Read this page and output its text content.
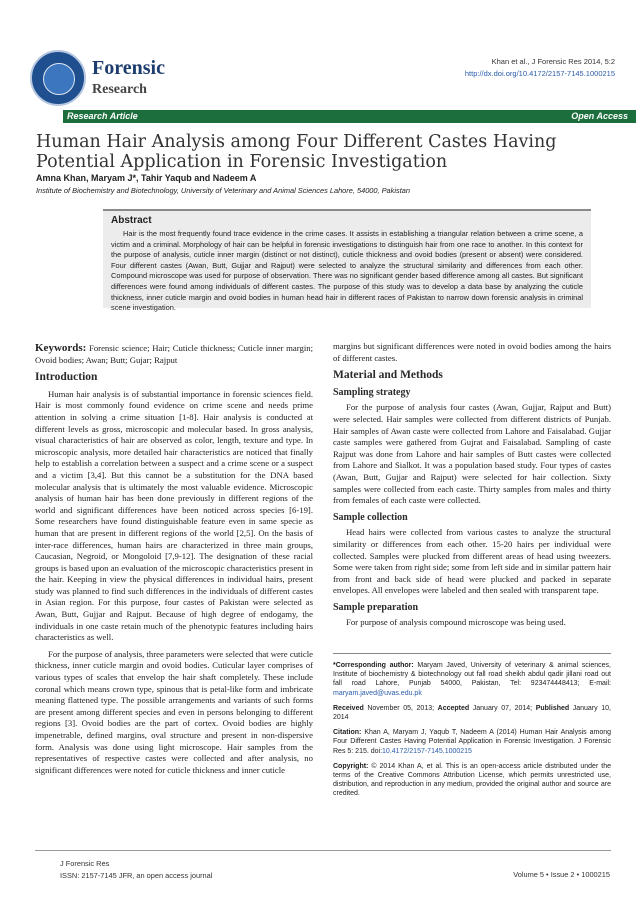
Forensic
Research
Khan et al., J Forensic Res 2014, 5:2
http://dx.doi.org/10.4172/2157-7145.1000215
Research Article	Open Access
Human Hair Analysis among Four Different Castes Having Potential Application in Forensic Investigation
Amna Khan, Maryam J*, Tahir Yaqub and Nadeem A
Institute of Biochemistry and Biotechnology, University of Veterinary and Animal Sciences Lahore, 54000, Pakistan
Abstract

Hair is the most frequently found trace evidence in the crime cases. It assists in establishing a triangular relation between a crime scene, a victim and a criminal. Morphology of hair can be helpful in forensic investigations to distinguish hair from one race to another. In this context for the purpose of analysis, cuticle inner margin (distinct or not distinct), cuticle thickness and ovoid bodies (present or absent) were considered. Four different castes (Awan, Butt, Gujjar and Rajput) were selected to analyze the structural similarity and differences from each other. Compound microscope was used for purpose of observation. There was no significant gender based difference among all castes. But significant differences were found among individuals of different castes. The purpose of this study was to develop a data base by analyzing the cuticle thickness, inner cuticle margin and ovoid bodies in human head hair in different races of Pakistan to narrow down forensic analysis in criminal scene investigation.

Keywords: Forensic science; Hair; Cuticle thickness; Cuticle inner margin; Ovoid bodies; Awan; Butt; Gujar; Rajput

Introduction

Human hair analysis is of substantial importance in forensic sciences field. Hair is most commonly found evidence on crime scene and needs prime attention in solving a crime situation [1-8]. Hair analysis is conducted at different levels as gross, microscopic and molecular based. In gross analysis, visual characteristics of hair are observed as color, length, texture and type. In microscopic analysis, more detailed hair characteristics are noticed that finally help to establish a correlation between a suspect and a crime scene or a suspect and a victim [3,4]. But this cannot be a substitution for the DNA based molecular analysis that is ultimately the most valuable evidence. Microscopic analysis of human hair has been done previously in different regions of the world and significant differences have been noticed across species [6-19]. Some researchers have found distinguishable feature even in same specie as human that are present in different regions of the world [2,5]. On the basis of inter-race differences, human hairs are characterized in three main groups, Caucasian, Negroid, or Mongoloid [7,9-12]. The designation of these racial groups is based upon an evaluation of the microscopic characteristics present in the hair. Keeping in view the physical differences in individual hairs, present study was planned to find such differences in the individuals of different castes in Asian region. For this purpose, four castes of Pakistan were selected as Awan, Butt, Gujjar and Rajput. Because of high degree of endogamy, the individuals in one caste retain much of the phenotypic features including hairs characteristics as well.

For the purpose of analysis, three parameters were selected that were cuticle thickness, inner cuticle margin and ovoid bodies. Cuticular layer comprises of various types of scales that envelop the hair shaft completely. These include coronal which means crown type, spinous that is petal-like form and imbricate meaning flattened type. The possible arrangements and variants of such forms are present among different species and even in persons belonging to different regions [3]. Ovoid bodies are the part of cortex. Ovoid bodies are highly impenetrable, defined margins, oval structure and present in non-dispersive form. Analysis was done using light microscope. Hair samples from the representatives of respective castes were collected and after analysis, no significant differences were noted for cuticle thickness and inner cuticle

margins but significant differences were noted in ovoid bodies among the hairs of different castes.

Material and Methods
Sampling strategy

For the purpose of analysis four castes (Awan, Gujjar, Rajput and Butt) were selected. Hair samples were collected from different districts of Punjab. Hair samples of Awan caste were collected from Lahore and Faisalabad. Gujjar caste samples were gathered from Gujrat and Faisalabad. Sampling of caste Rajput was done from Lahore and hair samples of Butt castes were collected from Lahore and Sialkot. It was a population based study. Four types of castes (Awan, Butt, Gujjar and Rajput) were selected for hair collection. Sixty samples were collected from each caste. Thirty samples from males and thirty from females of each caste were collected.

Sample collection

Head hairs were collected from various castes to analyze the structural similarity or differences from each other. 15-20 hairs per individual were collected. Samples were plucked from different areas of head using tweezers. Some were taken from right side; some from left side and in similar pattern hair from front and back side of head were plucked and packed in separate envelopes. All envelopes were labeled and then sealed with transparent tape.

Sample preparation

For purpose of analysis compound microscope was being used.

*Corresponding author: Maryam Javed, University of veterinary & animal sciences, Institute of biochemistry & biotechnology out fall road sheikh abdul qadir jillani road out fall road Lahore, Punjab 54000, Pakistan, Tel: 923474448413; E-mail: maryam.javed@uvas.edu.pk

Received November 05, 2013; Accepted January 07, 2014; Published January 10, 2014

Citation: Khan A, Maryam J, Yaqub T, Nadeem A (2014) Human Hair Analysis among Four Different Castes Having Potential Application in Forensic Investigation. J Forensic Res 5: 215. doi:10.4172/2157-7145.1000215

Copyright: © 2014 Khan A, et al. This is an open-access article distributed under the terms of the Creative Commons Attribution License, which permits unrestricted use, distribution, and reproduction in any medium, provided the original author and source are credited.

J Forensic Res
ISSN: 2157-7145 JFR, an open access journal	Volume 5 • Issue 2 • 1000215
